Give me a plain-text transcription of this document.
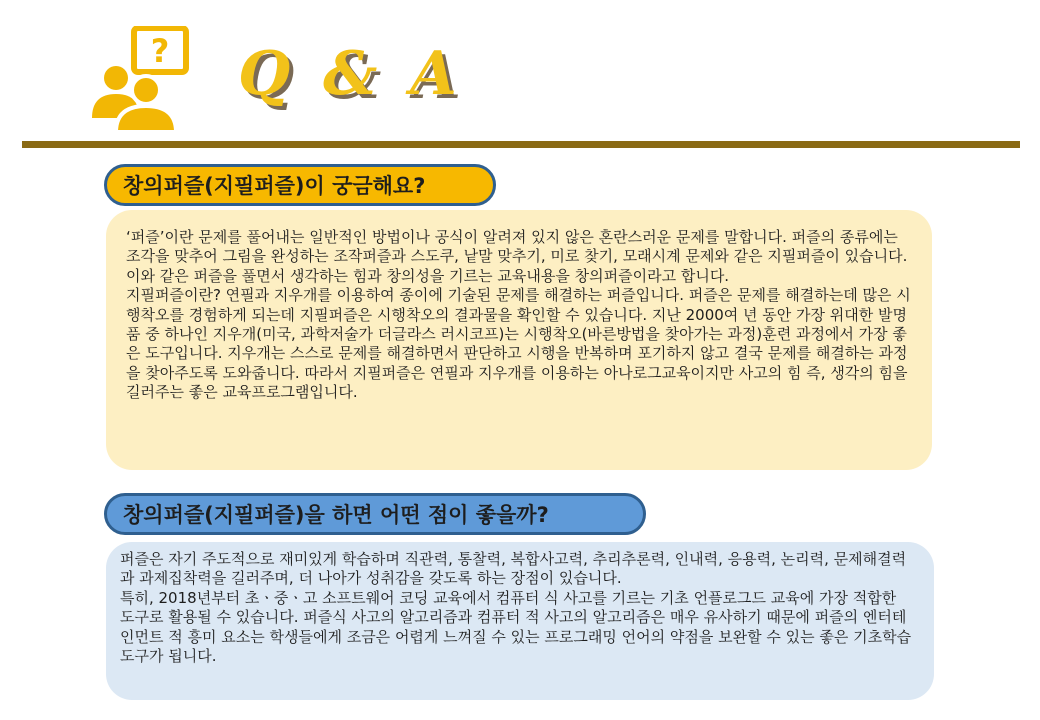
? Q & A
창의퍼즐(지필퍼즐)이 궁금해요?

‘퍼즐’이란 문제를 풀어내는 일반적인 방법이나 공식이 알려져 있지 않은 혼란스러운 문제를 말합니다. 퍼즐의 종류에는 조각을 맞추어 그림을 완성하는 조작퍼즐과 스도쿠, 낱말 맞추기, 미로 찾기, 모래시계 문제와 같은 지필퍼즐이 있습니다. 이와 같은 퍼즐을 풀면서 생각하는 힘과 창의성을 기르는 교육내용을 창의퍼즐이라고 합니다.

지필퍼즐이란? 연필과 지우개를 이용하여 종이에 기술된 문제를 해결하는 퍼즐입니다. 퍼즐은 문제를 해결하는데 많은 시행착오를 경험하게 되는데 지필퍼즐은 시행착오의 결과물을 확인할 수 있습니다. 지난 2000여 년 동안 가장 위대한 발명품 중 하나인 지우개(미국, 과학저술가 더글라스 러시코프)는 시행착오(바른방법을 찾아가는 과정)훈련 과정에서 가장 좋은 도구입니다. 지우개는 스스로 문제를 해결하면서 판단하고 시행을 반복하며 포기하지 않고 결국 문제를 해결하는 과정을 찾아주도록 도와줍니다. 따라서 지필퍼즐은 연필과 지우개를 이용하는 아나로그교육이지만 사고의 힘 즉, 생각의 힘을 길러주는 좋은 교육프로그램입니다.

창의퍼즐(지필퍼즐)을 하면 어떤 점이 좋을까?

퍼즐은 자기 주도적으로 재미있게 학습하며 직관력, 통찰력, 복합사고력, 추리추론력, 인내력, 응용력, 논리력, 문제해결력과 과제집착력을 길러주며, 더 나아가 성취감을 갖도록 하는 장점이 있습니다.

특히, 2018년부터 초ㆍ중ㆍ고 소프트웨어 코딩 교육에서 컴퓨터 식 사고를 기르는 기초 언플로그드 교육에 가장 적합한 도구로 활용될 수 있습니다. 퍼즐식 사고의 알고리즘과 컴퓨터 적 사고의 알고리즘은 매우 유사하기 때문에 퍼즐의 엔터테인먼트 적 흥미 요소는 학생들에게 조금은 어렵게 느껴질 수 있는 프로그래밍 언어의 약점을 보완할 수 있는 좋은 기초학습 도구가 됩니다.
